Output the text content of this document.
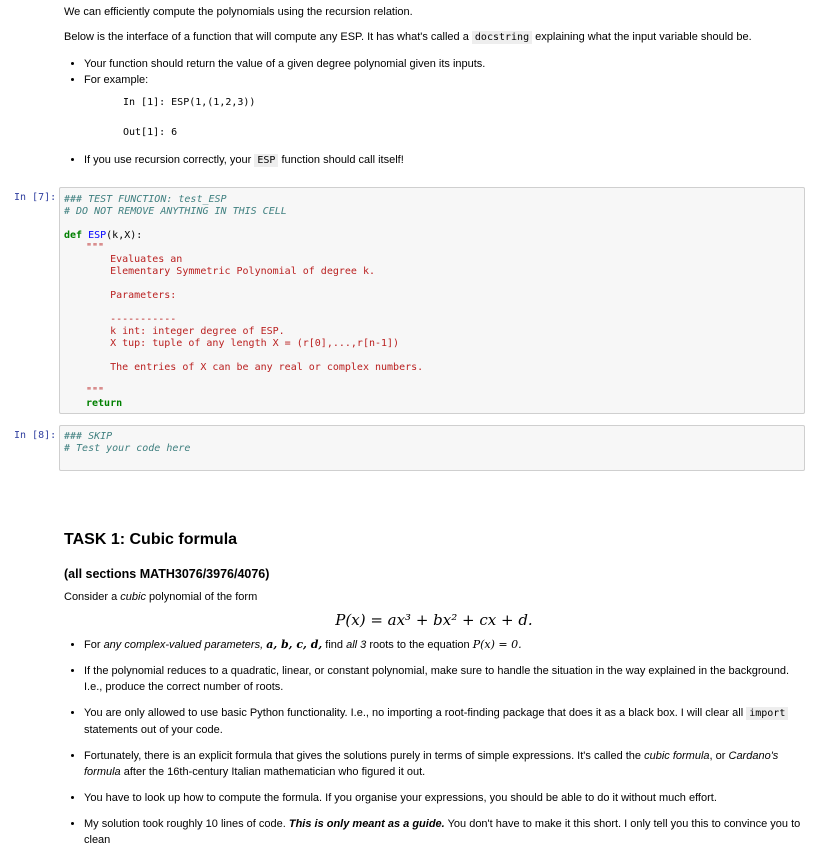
We can efficiently compute the polynomials using the recursion relation.

Below is the interface of a function that will compute any ESP. It has what's called a docstring explaining what the input variable should be.

• Your function should return the value of a given degree polynomial given its inputs.
• For example:
In [1]: ESP(1,(1,2,3))
Out[1]: 6
• If you use recursion correctly, your ESP function should call itself!
In [7]: ### TEST FUNCTION: test_ESP
# DO NOT REMOVE ANYTHING IN THIS CELL
def ESP(k,X):
"""
Evaluates an
Elementary Symmetric Polynomial of degree k.
Parameters:
-----------
k int: integer degree of ESP.
X tup: tuple of any length X = (r[0],...,r[n-1])
The entries of X can be any real or complex numbers.
"""
return
In [8]: ### SKIP
# Test your code here
TASK 1: Cubic formula
(all sections MATH3076/3976/4076)

Consider a cubic polynomial of the form

P(x) = ax³ + bx² + cx + d.
• For any complex-valued parameters, a, b, c, d, find all 3 roots to the equation P(x) = 0.
• If the polynomial reduces to a quadratic, linear, or constant polynomial, make sure to handle the situation in the way explained in the background. I.e., produce the correct number of roots.
• You are only allowed to use basic Python functionality. I.e., no importing a root-finding package that does it as a black box. I will clear all import statements out of your code.
• Fortunately, there is an explicit formula that gives the solutions purely in terms of simple expressions. It's called the cubic formula, or Cardano's formula after the 16th-century Italian mathematician who figured it out.
• You have to look up how to compute the formula. If you organise your expressions, you should be able to do it without much effort.
• My solution took roughly 10 lines of code. This is only meant as a guide. You don't have to make it this short. I only tell you this to convince you to clean
